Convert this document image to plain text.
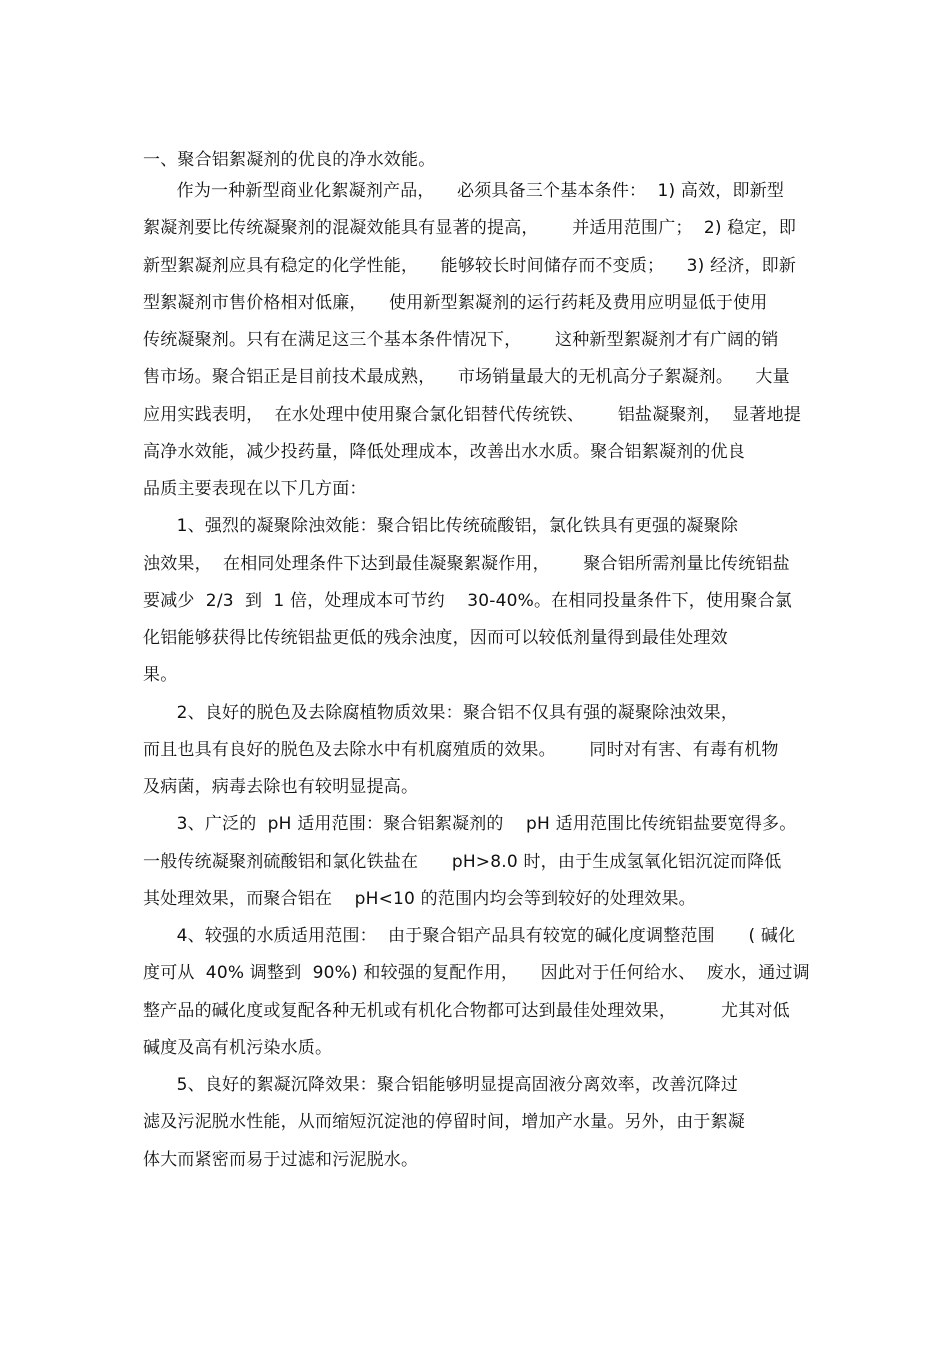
一、聚合铝絮凝剂的优良的净水效能。
作为一种新型商业化絮凝剂产品，    必须具备三个基本条件：  1) 高效，即新型
絮凝剂要比传统凝聚剂的混凝效能具有显著的提高，      并适用范围广；  2) 稳定，即
新型絮凝剂应具有稳定的化学性能，    能够较长时间储存而不变质；    3) 经济，即新
型絮凝剂市售价格相对低廉，    使用新型絮凝剂的运行药耗及费用应明显低于使用
传统凝聚剂。只有在满足这三个基本条件情况下，      这种新型絮凝剂才有广阔的销
售市场。聚合铝正是目前技术最成熟，    市场销量最大的无机高分子絮凝剂。    大量
应用实践表明，  在水处理中使用聚合氯化铝替代传统铁、      铝盐凝聚剂，  显著地提
高净水效能，减少投药量，降低处理成本，改善出水水质。聚合铝絮凝剂的优良
品质主要表现在以下几方面：
1、强烈的凝聚除浊效能：聚合铝比传统硫酸铝，氯化铁具有更强的凝聚除
浊效果，  在相同处理条件下达到最佳凝聚絮凝作用，      聚合铝所需剂量比传统铝盐
要减少  2/3  到  1 倍，处理成本可节约    30-40%。在相同投量条件下，使用聚合氯
化铝能够获得比传统铝盐更低的残余浊度，因而可以较低剂量得到最佳处理效
果。
2、良好的脱色及去除腐植物质效果：聚合铝不仅具有强的凝聚除浊效果，
而且也具有良好的脱色及去除水中有机腐殖质的效果。      同时对有害、有毒有机物
及病菌，病毒去除也有较明显提高。
3、广泛的  pH 适用范围：聚合铝絮凝剂的    pH 适用范围比传统铝盐要宽得多。
一般传统凝聚剂硫酸铝和氯化铁盐在      pH>8.0 时，由于生成氢氧化铝沉淀而降低
其处理效果，而聚合铝在    pH<10 的范围内均会等到较好的处理效果。
4、较强的水质适用范围：  由于聚合铝产品具有较宽的碱化度调整范围      ( 碱化
度可从  40% 调整到  90%) 和较强的复配作用，    因此对于任何给水、  废水，通过调
整产品的碱化度或复配各种无机或有机化合物都可达到最佳处理效果，        尤其对低
碱度及高有机污染水质。
5、良好的絮凝沉降效果：聚合铝能够明显提高固液分离效率，改善沉降过
滤及污泥脱水性能，从而缩短沉淀池的停留时间，增加产水量。另外，由于絮凝
体大而紧密而易于过滤和污泥脱水。
